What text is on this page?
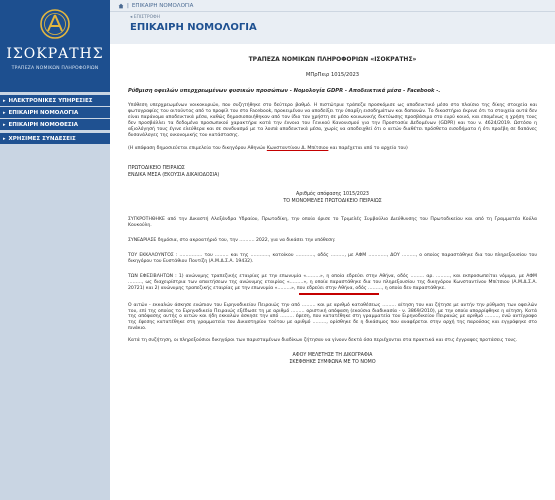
ΙΣΟΚΡΑΤΗΣ
ΤΡΑΠΕΖΑ ΝΟΜΙΚΩΝ ΠΛΗΡΟΦΟΡΙΩΝ
▸ ΗΛΕΚΤΡΟΝΙΚΕΣ ΥΠΗΡΕΣΙΕΣ
▸ ΕΠΙΚΑΙΡΗ ΝΟΜΟΛΟΓΙΑ
▸ ΕΠΙΚΑΙΡΗ ΝΟΜΟΘΕΣΙΑ
▸ ΧΡΗΣΙΜΕΣ ΣΥΝΔΕΣΕΙΣ
| ΕΠΙΚΑΙΡΗ ΝΟΜΟΛΟΓΙΑ
◂ ΕΠΙΣΤΡΟΦΗ
ΕΠΙΚΑΙΡΗ ΝΟΜΟΛΟΓΙΑ
ΤΡΑΠΕΖΑ ΝΟΜΙΚΩΝ ΠΛΗΡΟΦΟΡΙΩΝ «ΙΣΟΚΡΑΤΗΣ»
ΜΠρΠειρ 1015/2023
Ρύθμιση οφειλών υπερχρεωμένων φυσικών προσώπων - Νομολογία GDPR - Αποδεικτικά μέσα - Facebook -.

Υπόθεση υπερχρεωμένων νοικοκυριών, που συζητήθηκε στο δεύτερο βαθμό. Η πιστώτρια τράπεζα προσκόμισε ως αποδεικτικό μέσο στο πλαίσιο της δίκης στοιχεία και φωτογραφίες του αιτούντος από το προφίλ του στο Facebook, προκειμένου να αποδείξει την ύπαρξη εισοδημάτων και δαπανών. Το δικαστήριο έκρινε ότι τα στοιχεία αυτά δεν είναι παράνομα αποδεικτικά μέσα, καθώς δημοσιοποιήθηκαν από τον ίδιο τον χρήστη σε μέσο κοινωνικής δικτύωσης προσβάσιμο στο ευρύ κοινό, και επομένως η χρήση τους δεν προσβάλλει τα δεδομένα προσωπικού χαρακτήρα κατά την έννοια του Γενικού Κανονισμού για την Προστασία Δεδομένων (GDPR) και του ν. 4624/2019. Ωστόσο η αξιολόγησή τους έγινε ελεύθερα και σε συνδυασμό με τα λοιπά αποδεικτικά μέσα, χωρίς να αποδειχθεί ότι ο αιτών διαθέτει πρόσθετα εισοδήματα ή ότι προέβη σε δαπάνες δυσανάλογες της οικονομικής του κατάστασης.

(Η απόφαση δημοσιεύεται επιμελεία του δικηγόρου Αθηνών Κωνσταντίνου Δ. Μπίτσιου και παρέχεται από το αρχείο του)

ΠΡΩΤΟΔΙΚΕΙΟ ΠΕΙΡΑΙΩΣ
ΕΝΔΙΚΑ ΜΕΣΑ (ΕΚΟΥΣΙΑ ΔΙΚΑΙΟΔΟΣΙΑ)
Αριθμός απόφασης 1015/2023
ΤΟ ΜΟΝΟΜΕΛΕΣ ΠΡΩΤΟΔΙΚΕΙΟ ΠΕΙΡΑΙΩΣ

ΣΥΓΚΡΟΤΗΘΗΚΕ από την Δικαστή Αλεξάνδρα Υδραίου, Πρωτοδίκη, την οποία όρισε το Τριμελές Συμβούλιο Διεύθυνσης του Πρωτοδικείου και από τη Γραμματέα Κούλα Κουκούλη.

ΣΥΝΕΔΡΙΑΣΕ δημόσια, στο ακροατήριό του, την ………. 2022, για να δικάσει την υπόθεση:

ΤΟΥ ΕΚΚΑΛΟΥΝΤΟΣ : …………… του ……… και της …………, κατοίκου …………, οδός ………, με ΑΦΜ …………, ΔΟΥ ………, ο οποίος παραστάθηκε δια του πληρεξουσίου του δικηγόρου του Ευστάθιου Ποντίζη (Α.Μ.Δ.Σ.Α. 19432).

ΤΩΝ ΕΦΕΣΙΒΛΗΤΩΝ : 1) ανώνυμης τραπεζικής εταιρίας με την επωνυμία «………», η οποία εδρεύει στην Αθήνα, οδός ……… αρ. ………, και εκπροσωπείται νόμιμα, με ΑΦΜ ………, ως διαχειρίστρια των απαιτήσεων της ανώνυμης εταιρίας «………», η οποία παραστάθηκε δια του πληρεξουσίου της δικηγόρου Κωνσταντίνου Μπίτσιου (Α.Μ.Δ.Σ.Α. 20721) και 2) ανώνυμης τραπεζικής εταιρίας με την επωνυμία «………», που εδρεύει στην Αθήνα, οδός ………, η οποία δεν παραστάθηκε.

Ο αιτών - εκκαλών άσκησε ενώπιον του Ειρηνοδικείου Πειραιώς την από ……… και με αριθμό καταθέσεως ……… αίτηση του και ζήτησε με αυτήν την ρύθμιση των οφειλών του, επί της οποίας το Ειρηνοδικείο Πειραιώς εξέδωσε τη με αριθμό ……… οριστική απόφαση (εκούσια διαδικασία - ν. 3869/2010), με την οποία απορρίφθηκε η αίτηση. Κατά της απόφασης αυτής ο αιτών και ήδη εκκαλών άσκησε την από ……… έφεση, που κατατέθηκε στη γραμματεία του Ειρηνοδικείου Πειραιώς με αριθμό ………, ενώ αντίγραφο της έφεσης κατατέθηκε στη γραμματεία του Δικαστηρίου τούτου με αριθμό ………, ορίσθηκε δε η δικάσιμος που αναφέρεται στην αρχή της παρούσας και εγγράφηκε στο πινάκιο.

Κατά τη συζήτηση, οι πληρεξούσιοι δικηγόροι των παρισταμένων διαδίκων ζήτησαν να γίνουν δεκτά όσα περιέχονται στα πρακτικά και στις έγγραφες προτάσεις τους.

ΑΦΟΥ ΜΕΛΕΤΗΣΕ ΤΗ ΔΙΚΟΓΡΑΦΙΑ
ΣΚΕΦΘΗΚΕ ΣΥΜΦΩΝΑ ΜΕ ΤΟ ΝΟΜΟ
